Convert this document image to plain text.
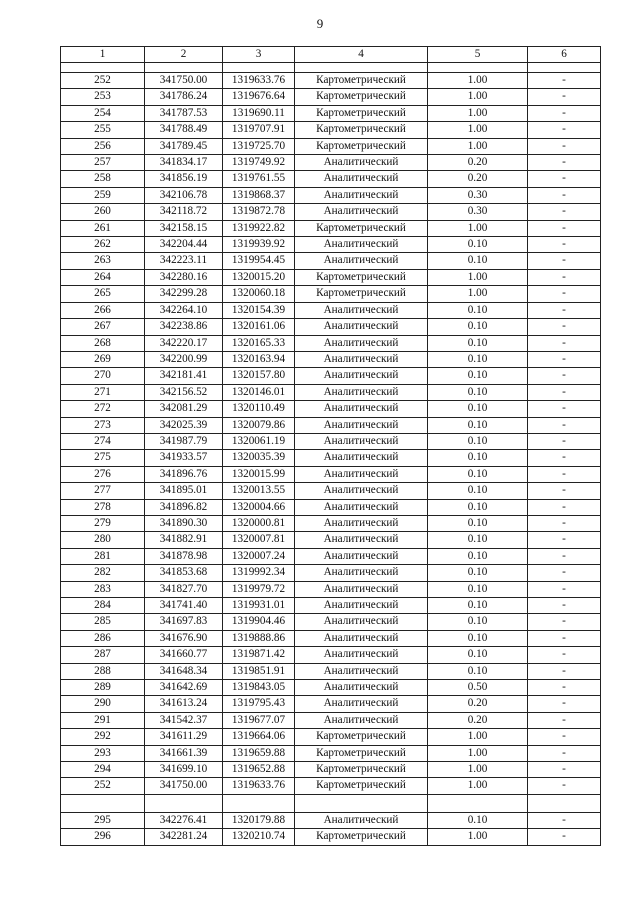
9
1	2	3	4	5	6

252	341750.00	1319633.76	Картометрический	1.00	-
253	341786.24	1319676.64	Картометрический	1.00	-
254	341787.53	1319690.11	Картометрический	1.00	-
255	341788.49	1319707.91	Картометрический	1.00	-
256	341789.45	1319725.70	Картометрический	1.00	-
257	341834.17	1319749.92	Аналитический	0.20	-
258	341856.19	1319761.55	Аналитический	0.20	-
259	342106.78	1319868.37	Аналитический	0.30	-
260	342118.72	1319872.78	Аналитический	0.30	-
261	342158.15	1319922.82	Картометрический	1.00	-
262	342204.44	1319939.92	Аналитический	0.10	-
263	342223.11	1319954.45	Аналитический	0.10	-
264	342280.16	1320015.20	Картометрический	1.00	-
265	342299.28	1320060.18	Картометрический	1.00	-
266	342264.10	1320154.39	Аналитический	0.10	-
267	342238.86	1320161.06	Аналитический	0.10	-
268	342220.17	1320165.33	Аналитический	0.10	-
269	342200.99	1320163.94	Аналитический	0.10	-
270	342181.41	1320157.80	Аналитический	0.10	-
271	342156.52	1320146.01	Аналитический	0.10	-
272	342081.29	1320110.49	Аналитический	0.10	-
273	342025.39	1320079.86	Аналитический	0.10	-
274	341987.79	1320061.19	Аналитический	0.10	-
275	341933.57	1320035.39	Аналитический	0.10	-
276	341896.76	1320015.99	Аналитический	0.10	-
277	341895.01	1320013.55	Аналитический	0.10	-
278	341896.82	1320004.66	Аналитический	0.10	-
279	341890.30	1320000.81	Аналитический	0.10	-
280	341882.91	1320007.81	Аналитический	0.10	-
281	341878.98	1320007.24	Аналитический	0.10	-
282	341853.68	1319992.34	Аналитический	0.10	-
283	341827.70	1319979.72	Аналитический	0.10	-
284	341741.40	1319931.01	Аналитический	0.10	-
285	341697.83	1319904.46	Аналитический	0.10	-
286	341676.90	1319888.86	Аналитический	0.10	-
287	341660.77	1319871.42	Аналитический	0.10	-
288	341648.34	1319851.91	Аналитический	0.10	-
289	341642.69	1319843.05	Аналитический	0.50	-
290	341613.24	1319795.43	Аналитический	0.20	-
291	341542.37	1319677.07	Аналитический	0.20	-
292	341611.29	1319664.06	Картометрический	1.00	-
293	341661.39	1319659.88	Картометрический	1.00	-
294	341699.10	1319652.88	Картометрический	1.00	-
252	341750.00	1319633.76	Картометрический	1.00	-

295	342276.41	1320179.88	Аналитический	0.10	-
296	342281.24	1320210.74	Картометрический	1.00	-
